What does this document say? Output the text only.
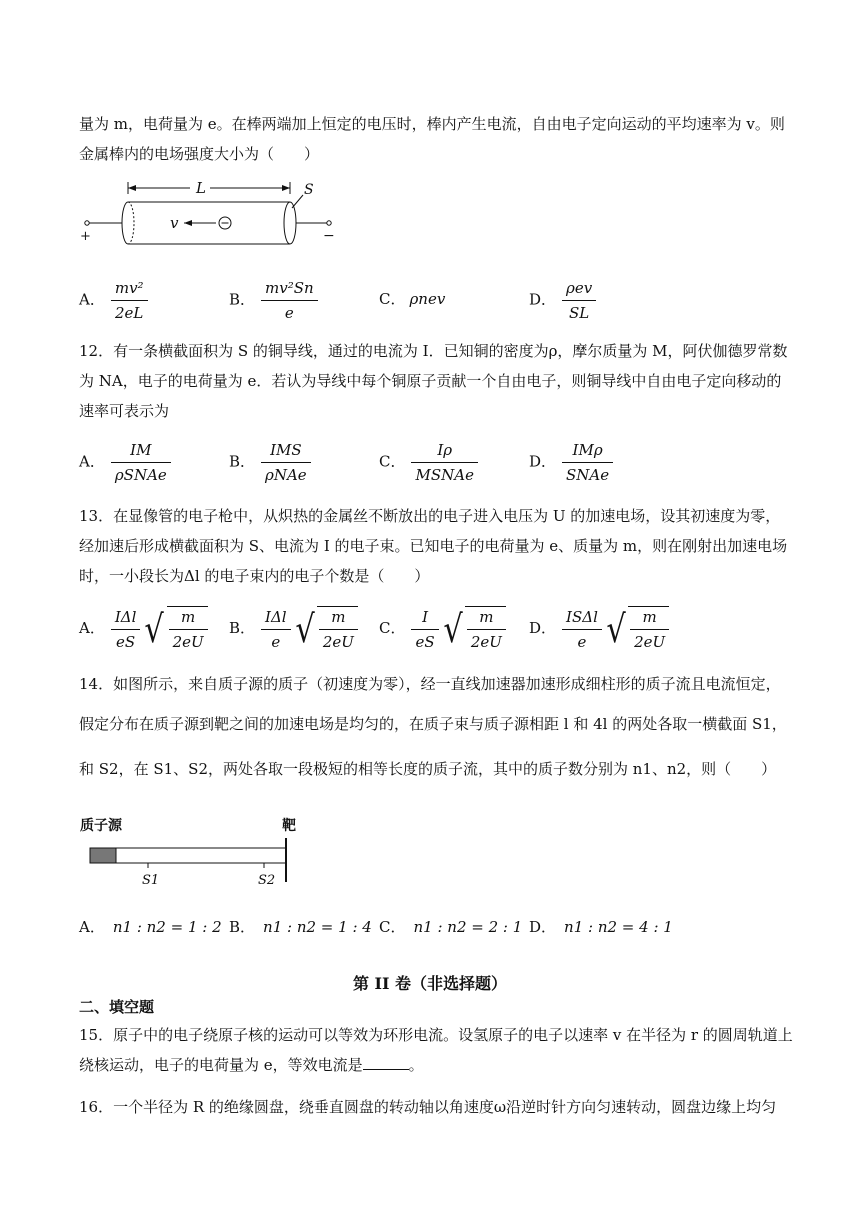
量为 m，电荷量为 e。在棒两端加上恒定的电压时，棒内产生电流，自由电子定向运动的平均速率为 v。则
金属棒内的电场强度大小为（　　）
L	S
+	−
v
A． $\frac{\text{mv²}}{2eL}$	B． $\frac{\text{mv²Sn}}{e}$	C． ρnev	D． $\frac{\text{ρev}}{SL}$
12．有一条横截面积为 S 的铜导线，通过的电流为 I．已知铜的密度为ρ，摩尔质量为 M，阿伏伽德罗常数
为 NA，电子的电荷量为 e．若认为导线中每个铜原子贡献一个自由电子，则铜导线中自由电子定向移动的
速率可表示为
A． $\frac{IM}{\text{ρSNAe}}$	B． $\frac{\text{IMS}}{\text{ρNAe}}$	C． $\frac{I\rho}{\text{MSNAe}}$	D． $\frac{\text{IMρ}}{\text{SNAe}}$
13．在显像管的电子枪中，从炽热的金属丝不断放出的电子进入电压为 U 的加速电场，设其初速度为零，
经加速后形成横截面积为 S、电流为 I 的电子束。已知电子的电荷量为 e、质量为 m，则在刚射出加速电场
时，一小段长为Δl 的电子束内的电子个数是（　　）
A． $\frac{\text{IΔl}}{eS}$ √ $\frac{m}{2eU}$ B． $\frac{\text{IΔl}}{e}$ √ $\frac{m}{2eU}$ C． $\frac{I}{eS}$ √ $\frac{m}{2eU}$ D． $\frac{\text{ISΔl}}{e}$ √ $\frac{m}{2eU}$
14．如图所示，来自质子源的质子（初速度为零），经一直线加速器加速形成细柱形的质子流且电流恒定，
假定分布在质子源到靶之间的加速电场是均匀的，在质子束与质子源相距 l 和 4l 的两处各取一横截面 S1，
和 S2，在 S1、S2，两处各取一段极短的相等长度的质子流，其中的质子数分别为 n1、n2，则（　　）
质子源	靶
S1	S2
A． n1 : n2 = 1 : 2 B． n1 : n2 = 1 : 4 C． n1 : n2 = 2 : 1 D． n1 : n2 = 4 : 1
第 II 卷（非选择题）
二、填空题
15．原子中的电子绕原子核的运动可以等效为环形电流。设氢原子的电子以速率 v 在半径为 r 的圆周轨道上
绕核运动，电子的电荷量为 e，等效电流是	。
16．一个半径为 R 的绝缘圆盘，绕垂直圆盘的转动轴以角速度ω沿逆时针方向匀速转动，圆盘边缘上均匀
